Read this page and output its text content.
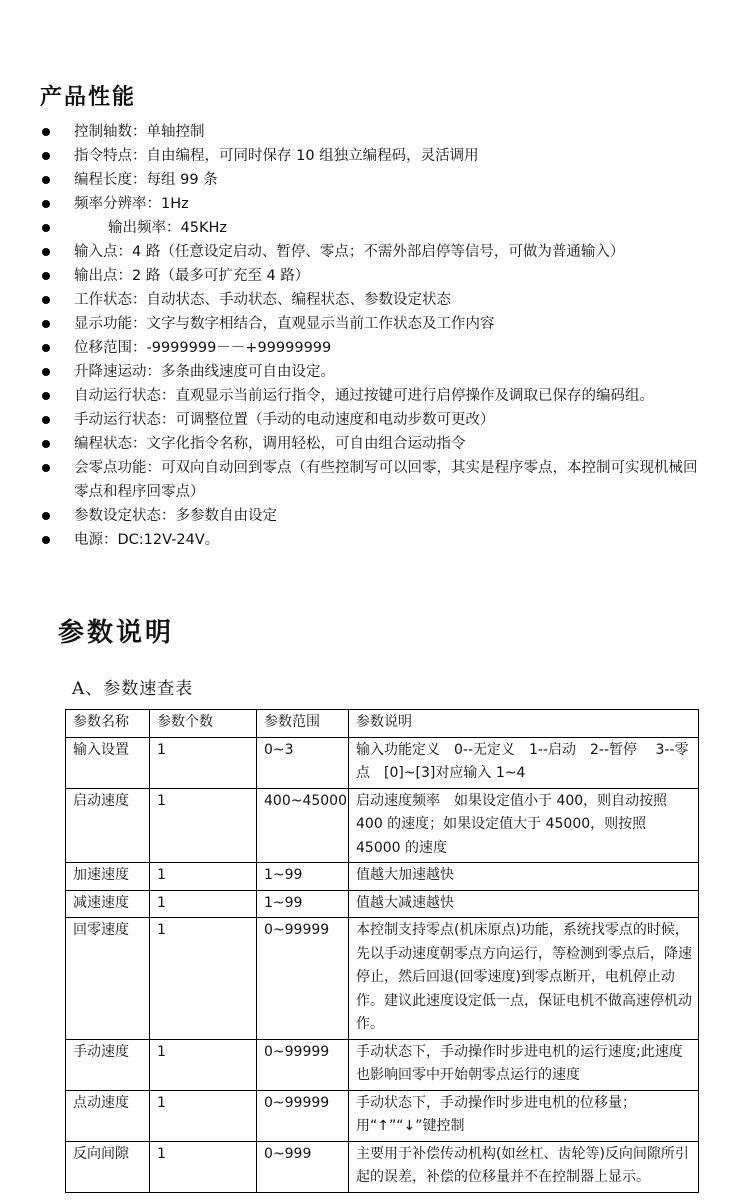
产品性能
控制轴数：单轴控制
指令特点：自由编程，可同时保存 10 组独立编程码，灵活调用
编程长度：每组 99 条
频率分辨率：1Hz
输出频率：45KHz
输入点：4 路（任意设定启动、暂停、零点；不需外部启停等信号，可做为普通输入）
输出点：2 路（最多可扩充至 4 路）
工作状态：自动状态、手动状态、编程状态、参数设定状态
显示功能：文字与数字相结合，直观显示当前工作状态及工作内容
位移范围：-9999999－－+99999999
升降速运动：多条曲线速度可自由设定。
自动运行状态：直观显示当前运行指令，通过按键可进行启停操作及调取已保存的编码组。
手动运行状态：可调整位置（手动的电动速度和电动步数可更改）
编程状态：文字化指令名称，调用轻松，可自由组合运动指令
会零点功能：可双向自动回到零点（有些控制写可以回零，其实是程序零点，本控制可实现机械回零点和程序回零点）
参数设定状态：多参数自由设定
电源：DC:12V-24V。
参数说明
A、参数速查表
参数名称	参数个数	参数范围	参数说明
输入设置	1	0~3	输入功能定义　0--无定义　1--启动　2--暂停　 3--零点　[0]~[3]对应输入 1~4
启动速度	1	400~45000	启动速度频率　如果设定值小于 400，则自动按照 400 的速度；如果设定值大于 45000，则按照 45000 的速度
加速速度	1	1~99	值越大加速越快
减速速度	1	1~99	值越大减速越快
回零速度	1	0~99999	本控制支持零点(机床原点)功能，系统找零点的时候，先以手动速度朝零点方向运行，等检测到零点后，降速停止，然后回退(回零速度)到零点断开，电机停止动作。建议此速度设定低一点，保证电机不做高速停机动作。
手动速度	1	0~99999	手动状态下，手动操作时步进电机的运行速度;此速度也影响回零中开始朝零点运行的速度
点动速度	1	0~99999	手动状态下，手动操作时步进电机的位移量；用“↑”“↓”键控制
反向间隙	1	0~999	主要用于补偿传动机构(如丝杠、齿轮等)反向间隙所引起的误差，补偿的位移量并不在控制器上显示。
